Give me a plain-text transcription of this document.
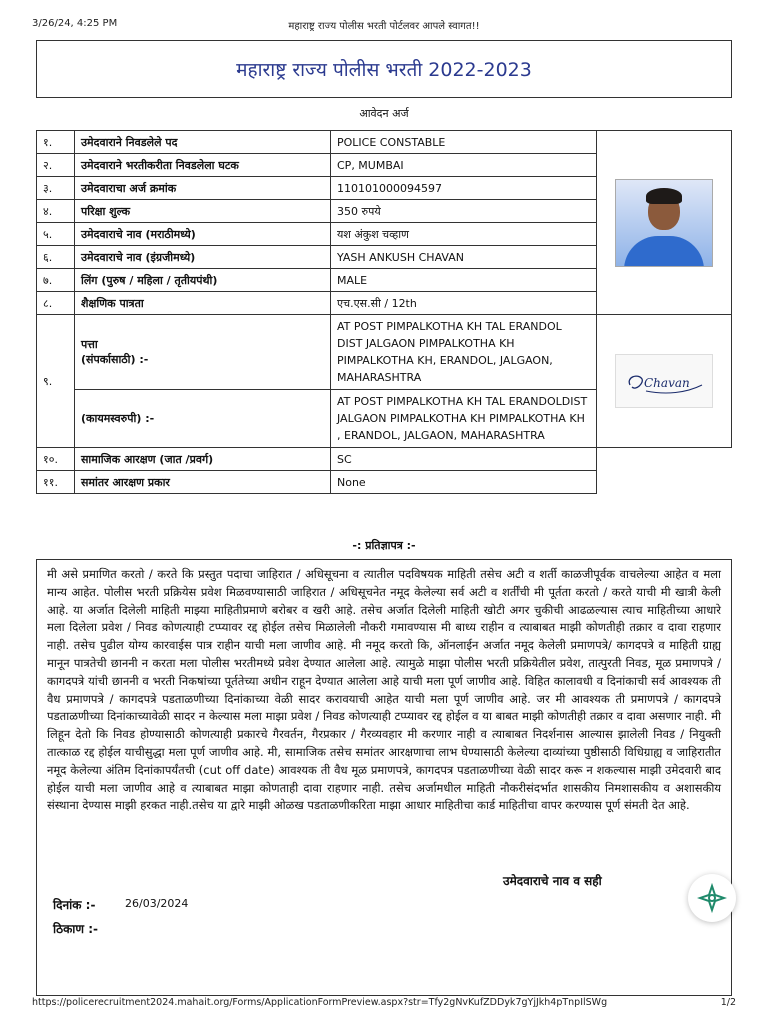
3/26/24, 4:25 PM	महाराष्ट्र राज्य पोलीस भरती पोर्टलवर आपले स्वागत!!
महाराष्ट्र राज्य पोलीस भरती 2022-2023
आवेदन अर्ज
१.	उमेदवाराने निवडलेले पद	POLICE CONSTABLE	

२.	उमेदवाराने भरतीकरीता निवडलेला घटक	CP, MUMBAI	
३.	उमेदवाराचा अर्ज क्रमांक	110101000094597	
४.	परिक्षा शुल्क	350 रुपये	
५.	उमेदवाराचे नाव (मराठीमध्ये)	यश अंकुश चव्हाण	
६.	उमेदवाराचे नाव (इंग्रजीमध्ये)	YASH ANKUSH CHAVAN	
७.	लिंग (पुरुष / महिला / तृतीयपंथी)	MALE	
८.	शैक्षणिक पात्रता	एच.एस.सी / 12th	
९.	पत्ता
(संपर्कासाठी) :-	AT POST PIMPALKOTHA KH TAL ERANDOL DIST JALGAON PIMPALKOTHA KH PIMPALKOTHA KH, ERANDOL, JALGAON, MAHARASHTRA	Chavan

	(कायमस्वरुपी) :-	AT POST PIMPALKOTHA KH TAL ERANDOLDIST JALGAON PIMPALKOTHA KH PIMPALKOTHA KH , ERANDOL, JALGAON, MAHARASHTRA	
१०.	सामाजिक आरक्षण (जात /प्रवर्ग)	SC	
११.	समांतर आरक्षण प्रकार	None	
-: प्रतिज्ञापत्र :-
मी असे प्रमाणित करतो / करते कि प्रस्तुत पदाचा जाहिरात / अधिसूचना व त्यातील पदविषयक माहिती तसेच अटी व शर्ती काळजीपूर्वक वाचलेल्या आहेत व मला मान्य आहेत. पोलीस भरती प्रक्रियेस प्रवेश मिळवण्यासाठी जाहिरात / अधिसूचनेत नमूद केलेल्या सर्व अटी व शर्तींची मी पूर्तता करतो / करते याची मी खात्री केली आहे. या अर्जात दिलेली माहिती माझ्या माहितीप्रमाणे बरोबर व खरी आहे. तसेच अर्जात दिलेली माहिती खोटी अगर चुकीची आढळल्यास त्याच माहितीच्या आधारे मला दिलेला प्रवेश / निवड कोणत्याही टप्प्यावर रद्द होईल तसेच मिळालेली नौकरी गमावण्यास मी बाध्य राहीन व त्याबाबत माझी कोणतीही तक्रार व दावा राहणार नाही. तसेच पुढील योग्य कारवाईस पात्र राहीन याची मला जाणीव आहे. मी नमूद करतो कि, ऑनलाईन अर्जात नमूद केलेली प्रमाणपत्रे/ कागदपत्रे व माहिती ग्राह्य मानून पात्रतेची छाननी न करता मला पोलीस भरतीमध्ये प्रवेश देण्यात आलेला आहे. त्यामुळे माझा पोलीस भरती प्रक्रियेतील प्रवेश, तात्पुरती निवड, मूळ प्रमाणपत्रे / कागदपत्रे यांची छाननी व भरती निकषांच्या पूर्ततेच्या अधीन राहून देण्यात आलेला आहे याची मला पूर्ण जाणीव आहे. विहित कालावधी व दिनांकाची सर्व आवश्यक ती वैध प्रमाणपत्रे / कागदपत्रे पडताळणीच्या दिनांकाच्या वेळी सादर करावयाची आहेत याची मला पूर्ण जाणीव आहे. जर मी आवश्यक ती प्रमाणपत्रे / कागदपत्रे पडताळणीच्या दिनांकाच्यावेळी सादर न केल्यास मला माझा प्रवेश / निवड कोणत्याही टप्प्यावर रद्द होईल व या बाबत माझी कोणतीही तक्रार व दावा असणार नाही. मी लिहून देतो कि निवड होण्यासाठी कोणत्याही प्रकारचे गैरवर्तन, गैरप्रकार / गैरव्यवहार मी करणार नाही व त्याबाबत निदर्शनास आल्यास झालेली निवड / नियुक्ती तात्काळ रद्द होईल याचीसुद्धा मला पूर्ण जाणीव आहे. मी, सामाजिक तसेच समांतर आरक्षणाचा लाभ घेण्यासाठी केलेल्या दाव्यांच्या पुष्ठीसाठी विधिग्राह्य व जाहिरातीत नमूद केलेल्या अंतिम दिनांकापर्यंतची (cut off date) आवश्यक ती वैध मूळ प्रमाणपत्रे, कागदपत्र पडताळणीच्या वेळी सादर करू न शकल्यास माझी उमेदवारी बाद होईल याची मला जाणीव आहे व त्याबाबत माझा कोणताही दावा राहणार नाही. तसेच अर्जामधील माहिती नौकरीसंदर्भात शासकीय निमशासकीय व अशासकीय संस्थाना देण्यास माझी हरकत नाही.तसेच या द्वारे माझी ओळख पडताळणीकरिता माझा आधार माहितीचा कार्ड माहितीचा वापर करण्यास पूर्ण संमती देत आहे.
उमेदवाराचे नाव व सही
दिनांक :-	26/03/2024
ठिकाण :-
https://policerecruitment2024.mahait.org/Forms/ApplicationFormPreview.aspx?str=Tfy2gNvKufZDDyk7gYjJkh4pTnpIlSWg	1/2
